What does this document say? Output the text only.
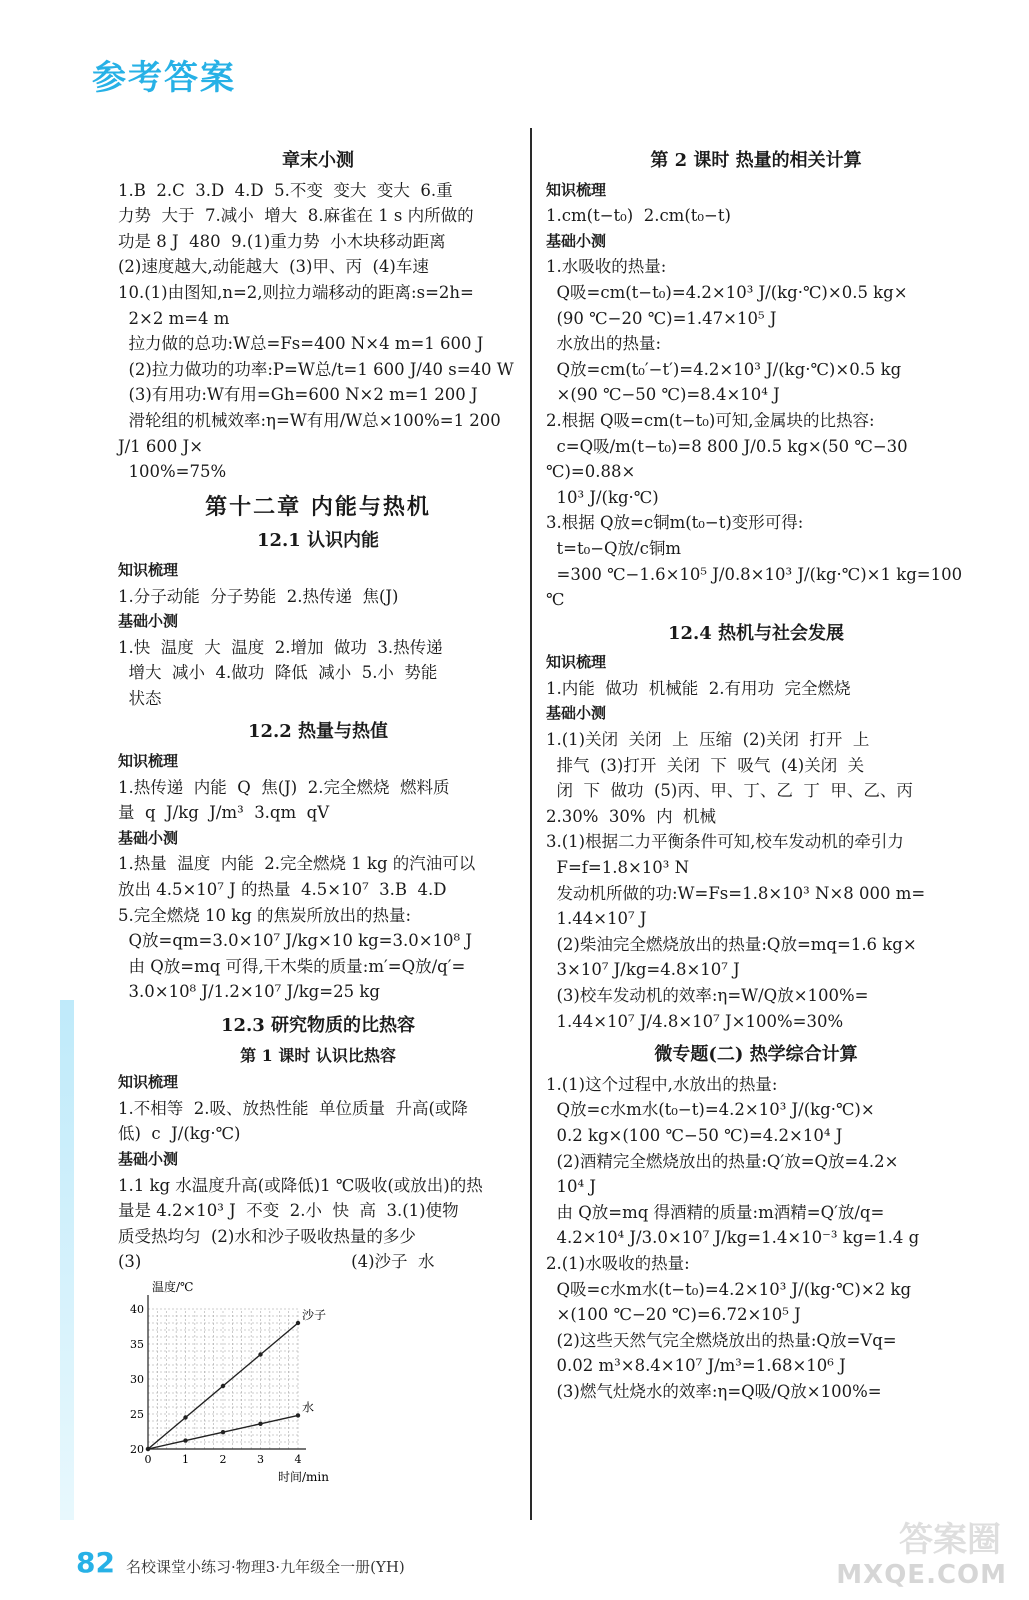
参考答案
章末小测
1.B  2.C  3.D  4.D  5.不变  变大  变大  6.重
力势  大于  7.减小  增大  8.麻雀在 1 s 内所做的
功是 8 J  480  9.(1)重力势  小木块移动距离
(2)速度越大,动能越大  (3)甲、丙  (4)车速
10.(1)由图知,n=2,则拉力端移动的距离:s=2h=
2×2 m=4 m
拉力做的总功:W总=Fs=400 N×4 m=1 600 J
(2)拉力做功的功率:P=W总/t=1 600 J/40 s=40 W
(3)有用功:W有用=Gh=600 N×2 m=1 200 J
滑轮组的机械效率:η=W有用/W总×100%=1 200 J/1 600 J×
100%=75%
第十二章 内能与热机
12.1 认识内能
知识梳理
1.分子动能  分子势能  2.热传递  焦(J)
基础小测
1.快  温度  大  温度  2.增加  做功  3.热传递
增大  减小  4.做功  降低  减小  5.小  势能
状态
12.2 热量与热值
知识梳理
1.热传递  内能  Q  焦(J)  2.完全燃烧  燃料质
量  q  J/kg  J/m³  3.qm  qV
基础小测
1.热量  温度  内能  2.完全燃烧 1 kg 的汽油可以
放出 4.5×10⁷ J 的热量  4.5×10⁷  3.B  4.D
5.完全燃烧 10 kg 的焦炭所放出的热量:
Q放=qm=3.0×10⁷ J/kg×10 kg=3.0×10⁸ J
由 Q放=mq 可得,干木柴的质量:m′=Q放/q′=
3.0×10⁸ J/1.2×10⁷ J/kg=25 kg
12.3 研究物质的比热容
第 1 课时 认识比热容
知识梳理
1.不相等  2.吸、放热性能  单位质量  升高(或降
低)  c  J/(kg·℃)
基础小测
1.1 kg 水温度升高(或降低)1 ℃吸收(或放出)的热
量是 4.2×10³ J  不变  2.小  快  高  3.(1)使物
质受热均匀  (2)水和沙子吸收热量的多少
(3)                                        (4)沙子  水
0	1	2	3	4
20
25
30
35
40
温度/℃
时间/min
沙子
水
第 2 课时 热量的相关计算
知识梳理
1.cm(t−t₀)  2.cm(t₀−t)
基础小测
1.水吸收的热量:
Q吸=cm(t−t₀)=4.2×10³ J/(kg·℃)×0.5 kg×
(90 ℃−20 ℃)=1.47×10⁵ J
水放出的热量:
Q放=cm(t₀′−t′)=4.2×10³ J/(kg·℃)×0.5 kg
×(90 ℃−50 ℃)=8.4×10⁴ J
2.根据 Q吸=cm(t−t₀)可知,金属块的比热容:
c=Q吸/m(t−t₀)=8 800 J/0.5 kg×(50 ℃−30 ℃)=0.88×
10³ J/(kg·℃)
3.根据 Q放=c铜m(t₀−t)变形可得:
t=t₀−Q放/c铜m
=300 ℃−1.6×10⁵ J/0.8×10³ J/(kg·℃)×1 kg=100 ℃
12.4 热机与社会发展
知识梳理
1.内能  做功  机械能  2.有用功  完全燃烧
基础小测
1.(1)关闭  关闭  上  压缩  (2)关闭  打开  上
排气  (3)打开  关闭  下  吸气  (4)关闭  关
闭  下  做功  (5)丙、甲、丁、乙  丁  甲、乙、丙
2.30%  30%  内  机械
3.(1)根据二力平衡条件可知,校车发动机的牵引力
F=f=1.8×10³ N
发动机所做的功:W=Fs=1.8×10³ N×8 000 m=
1.44×10⁷ J
(2)柴油完全燃烧放出的热量:Q放=mq=1.6 kg×
3×10⁷ J/kg=4.8×10⁷ J
(3)校车发动机的效率:η=W/Q放×100%=
1.44×10⁷ J/4.8×10⁷ J×100%=30%
微专题(二) 热学综合计算
1.(1)这个过程中,水放出的热量:
Q放=c水m水(t₀−t)=4.2×10³ J/(kg·℃)×
0.2 kg×(100 ℃−50 ℃)=4.2×10⁴ J
(2)酒精完全燃烧放出的热量:Q′放=Q放=4.2×
10⁴ J
由 Q放=mq 得酒精的质量:m酒精=Q′放/q=
4.2×10⁴ J/3.0×10⁷ J/kg=1.4×10⁻³ kg=1.4 g
2.(1)水吸收的热量:
Q吸=c水m水(t−t₀)=4.2×10³ J/(kg·℃)×2 kg
×(100 ℃−20 ℃)=6.72×10⁵ J
(2)这些天然气完全燃烧放出的热量:Q放=Vq=
0.02 m³×8.4×10⁷ J/m³=1.68×10⁶ J
(3)燃气灶烧水的效率:η=Q吸/Q放×100%=
82 名校课堂小练习·物理3·九年级全一册(YH)
答案圈
MXQE.COM
